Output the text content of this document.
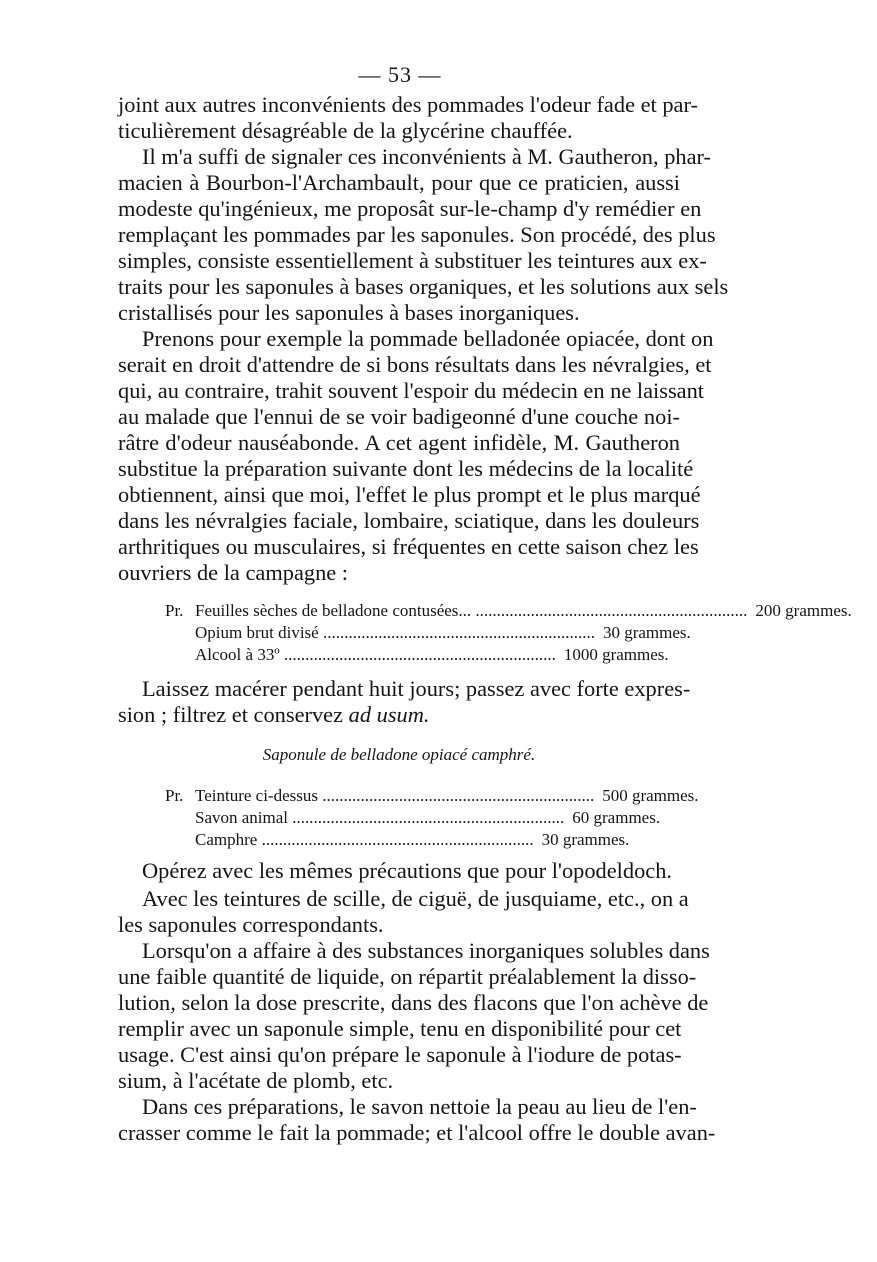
— 53 —

joint aux autres inconvénients des pommades l'odeur fade et par-
ticulièrement désagréable de la glycérine chauffée.

Il m'a suffi de signaler ces inconvénients à M. Gautheron, phar-
macien à Bourbon-l'Archambault, pour que ce praticien, aussi
modeste qu'ingénieux, me proposât sur-le-champ d'y remédier en
remplaçant les pommades par les saponules. Son procédé, des plus
simples, consiste essentiellement à substituer les teintures aux ex-
traits pour les saponules à bases organiques, et les solutions aux sels
cristallisés pour les saponules à bases inorganiques.

Prenons pour exemple la pommade belladonée opiacée, dont on
serait en droit d'attendre de si bons résultats dans les névralgies, et
qui, au contraire, trahit souvent l'espoir du médecin en ne laissant
au malade que l'ennui de se voir badigeonné d'une couche noi-
râtre d'odeur nauséabonde. A cet agent infidèle, M. Gautheron
substitue la préparation suivante dont les médecins de la localité
obtiennent, ainsi que moi, l'effet le plus prompt et le plus marqué
dans les névralgies faciale, lombaire, sciatique, dans les douleurs
arthritiques ou musculaires, si fréquentes en cette saison chez les
ouvriers de la campagne :

Pr. Feuilles sèches de belladone contusées... .....	200 grammes.
Opium brut divisé .....	30 grammes.
Alcool à 33º .....	1000 grammes.

Laissez macérer pendant huit jours; passez avec forte expres-
sion ; filtrez et conservez ad usum.

Saponule de belladone opiacé camphré.
Pr. Teinture ci-dessus .....	500 grammes.
Savon animal .....	60 grammes.
Camphre .....	30 grammes.

Opérez avec les mêmes précautions que pour l'opodeldoch.

Avec les teintures de scille, de ciguë, de jusquiame, etc., on a
les saponules correspondants.

Lorsqu'on a affaire à des substances inorganiques solubles dans
une faible quantité de liquide, on répartit préalablement la disso-
lution, selon la dose prescrite, dans des flacons que l'on achève de
remplir avec un saponule simple, tenu en disponibilité pour cet
usage. C'est ainsi qu'on prépare le saponule à l'iodure de potas-
sium, à l'acétate de plomb, etc.

Dans ces préparations, le savon nettoie la peau au lieu de l'en-
crasser comme le fait la pommade; et l'alcool offre le double avan-
